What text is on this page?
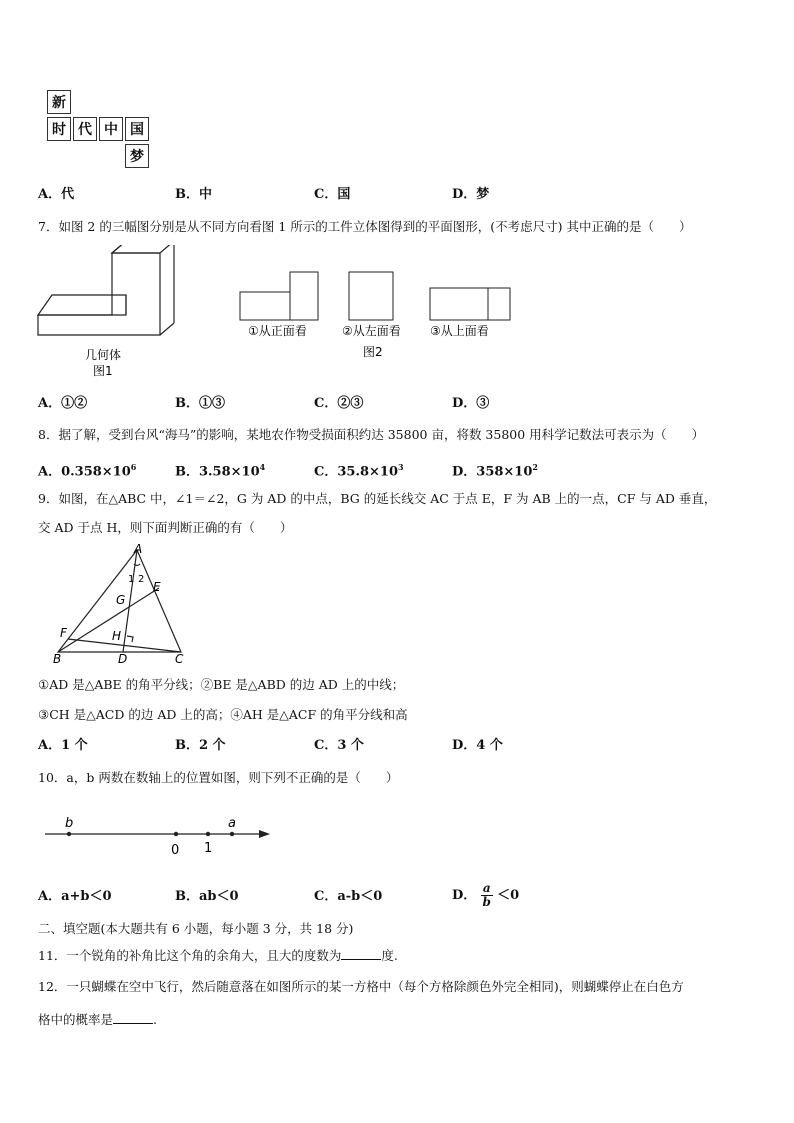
新
时 代 中 国
梦
A．代	B．中	C．国	D．梦
7．如图 2 的三幅图分别是从不同方向看图 1 所示的工件立体图得到的平面图形，(不考虑尺寸) 其中正确的是（　　）
几何体
图1
①从正面看	②从左面看 ③从上面看
图2
A．①②	B．①③	C．②③	D．③
8．据了解，受到台风“海马”的影响，某地农作物受损面积约达 35800 亩，将数 35800 用科学记数法可表示为（　　）
A．$0.358\times 10^6$	B．$3.58\times 10^4$	C．$35.8\times 10^3$	D．$358\times 10^2$
9．如图，在△ABC 中，∠1＝∠2，G 为 AD 的中点，BG 的延长线交 AC 于点 E，F 为 AB 上的一点，CF 与 AD 垂直，
交 AD 于点 H，则下面判断正确的有（　　）
A
B	C
D
E
F
G
H
1 2
①AD 是△ABE 的角平分线；②BE 是△ABD 的边 AD 上的中线；
③CH 是△ACD 的边 AD 上的高；④AH 是△ACF 的角平分线和高
A．1 个	B．2 个	C．3 个	D．4 个
10．a，b 两数在数轴上的位置如图，则下列不正确的是（　　）
b
0 1
a
A．a+b＜0	B．ab＜0	C．a-b＜0	D． $\frac{a}{b} <0$
二、填空题(本大题共有 6 小题，每小题 3 分，共 18 分)
11．一个锐角的补角比这个角的余角大，且大的度数为	度.
12．一只蝴蝶在空中飞行，然后随意落在如图所示的某一方格中（每个方格除颜色外完全相同)，则蝴蝶停止在白色方
格中的概率是	.
